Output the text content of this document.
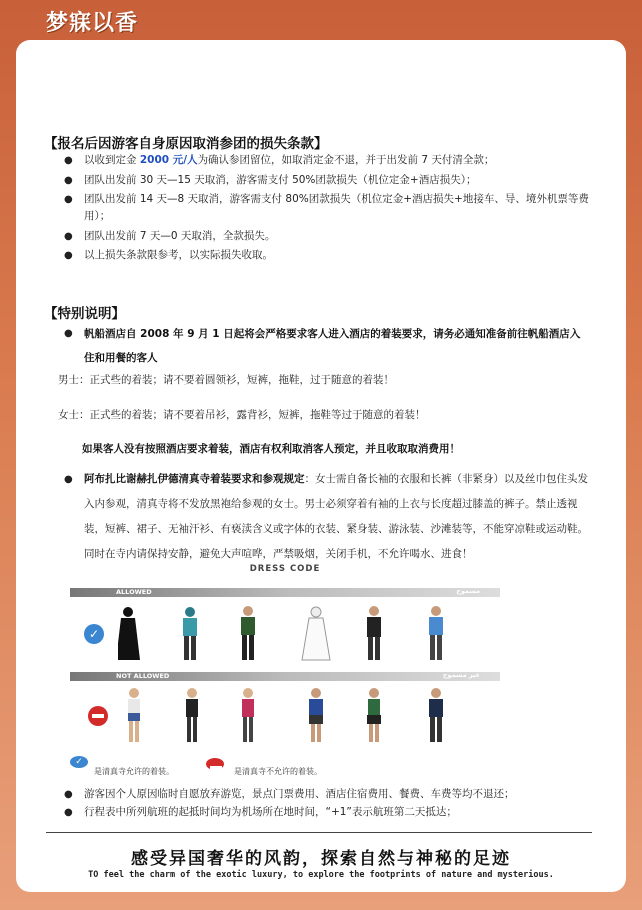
梦寐以香
【报名后因游客自身原因取消参团的损失条款】
●	以收到定金 2000 元/人为确认参团留位，如取消定金不退，并于出发前 7 天付清全款；
●	团队出发前 30 天—15 天取消，游客需支付 50%团款损失（机位定金+酒店损失）；
●	团队出发前 14 天—8 天取消，游客需支付 80%团款损失（机位定金+酒店损失+地接车、导、境外机票等费用）；
●	团队出发前 7 天—0 天取消，全款损失。
●	以上损失条款限参考，以实际损失收取。
【特别说明】
●	帆船酒店自 2008 年 9 月 1 日起将会严格要求客人进入酒店的着装要求，请务必通知准备前往帆船酒店入住和用餐的客人
男士：正式些的着装；请不要着圆领衫，短裤，拖鞋，过于随意的着装！
女士：正式些的着装；请不要着吊衫，露背衫，短裤，拖鞋等过于随意的着装！
如果客人没有按照酒店要求着装，酒店有权利取消客人预定，并且收取取消费用！
●	阿布扎比谢赫扎伊德清真寺着装要求和参观规定：女士需自备长袖的衣服和长裤（非紧身）以及丝巾包住头发入内参观，清真寺将不发放黑袍给参观的女士。男士必须穿着有袖的上衣与长度超过膝盖的裤子。禁止透视装，短裤、裙子、无袖汗衫、有亵渎含义或字体的衣装、紧身装、游泳装、沙滩装等，不能穿凉鞋或运动鞋。同时在寺内请保持安静，避免大声喧哗，严禁吸烟，关闭手机，不允许喝水、进食！
DRESS CODE
ALLOWED	مسموح
✓
NOT ALLOWED	غير مسموح
✓
是清真寺允许的着装。	是清真寺不允许的着装。
●	游客因个人原因临时自愿放弃游览，景点门票费用、酒店住宿费用、餐费、车费等均不退还；
●	行程表中所列航班的起抵时间均为机场所在地时间，“+1”表示航班第二天抵达；
感受异国奢华的风韵，探索自然与神秘的足迹
TO feel the charm of the exotic luxury, to explore the footprints of nature and mysterious.
